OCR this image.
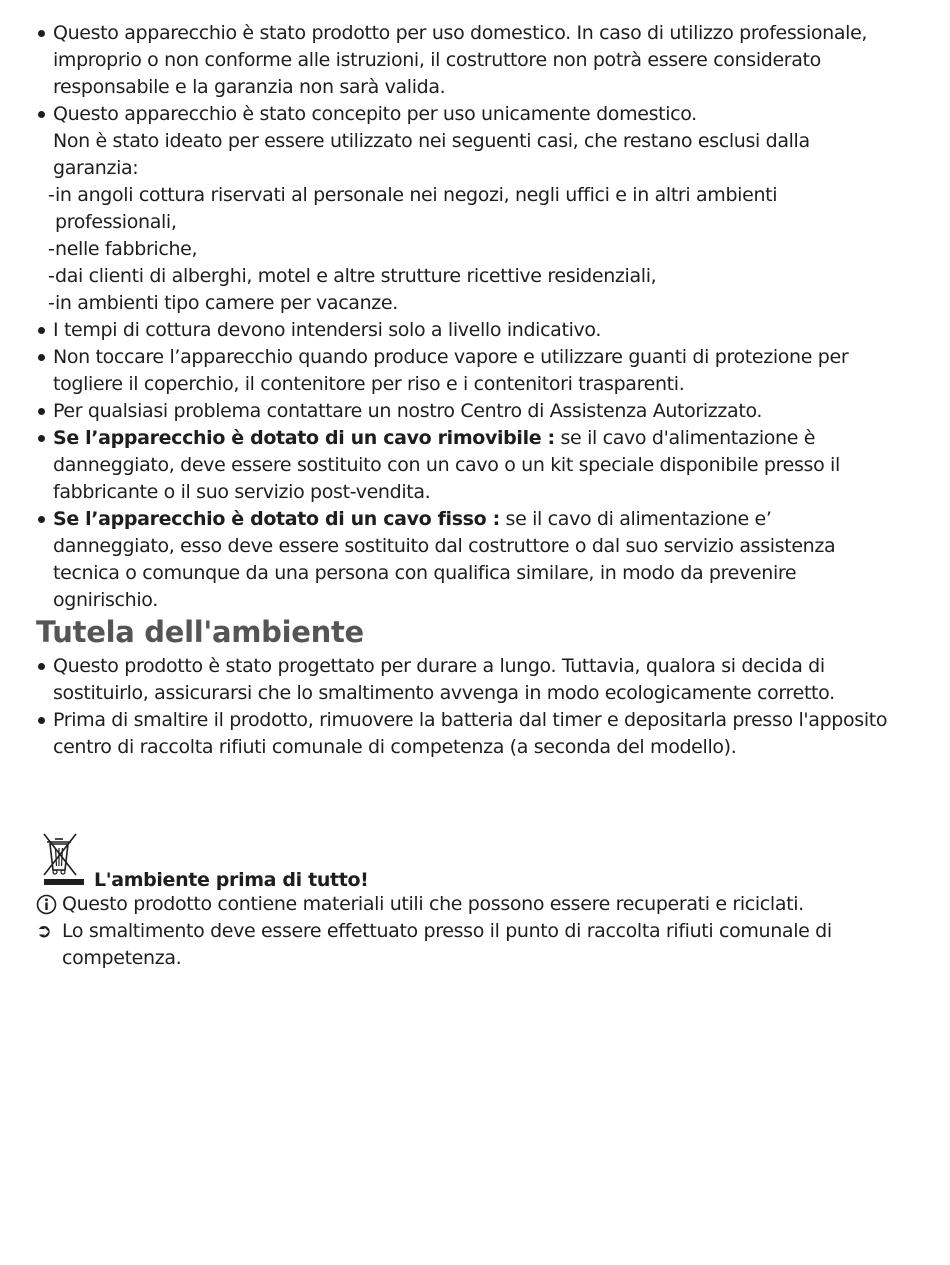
Questo apparecchio è stato prodotto per uso domestico. In caso di utilizzo professionale, improprio o non conforme alle istruzioni, il costruttore non potrà essere considerato responsabile e la garanzia non sarà valida.
Questo apparecchio è stato concepito per uso unicamente domestico.
Non è stato ideato per essere utilizzato nei seguenti casi, che restano esclusi dalla garanzia:
- in angoli cottura riservati al personale nei negozi, negli uffici e in altri ambienti professionali,
- nelle fabbriche,
- dai clienti di alberghi, motel e altre strutture ricettive residenziali,
- in ambienti tipo camere per vacanze.
I tempi di cottura devono intendersi solo a livello indicativo.
Non toccare l’apparecchio quando produce vapore e utilizzare guanti di protezione per togliere il coperchio, il contenitore per riso e i contenitori trasparenti.
Per qualsiasi problema contattare un nostro Centro di Assistenza Autorizzato.
Se l’apparecchio è dotato di un cavo rimovibile : se il cavo d'alimentazione è danneggiato, deve essere sostituito con un cavo o un kit speciale disponibile presso il fabbricante o il suo servizio post-vendita.
Se l’apparecchio è dotato di un cavo fisso : se il cavo di alimentazione e’ danneggiato, esso deve essere sostituito dal costruttore o dal suo servizio assistenza tecnica o comunque da una persona con qualifica similare, in modo da prevenire ognirischio.
Tutela dell'ambiente
Questo prodotto è stato progettato per durare a lungo. Tuttavia, qualora si decida di sostituirlo, assicurarsi che lo smaltimento avvenga in modo ecologicamente corretto.
Prima di smaltire il prodotto, rimuovere la batteria dal timer e depositarla presso l'apposito centro di raccolta rifiuti comunale di competenza (a seconda del modello).
L'ambiente prima di tutto!
Questo prodotto contiene materiali utili che possono essere recuperati e riciclati.
➲ Lo smaltimento deve essere effettuato presso il punto di raccolta rifiuti comunale di competenza.
